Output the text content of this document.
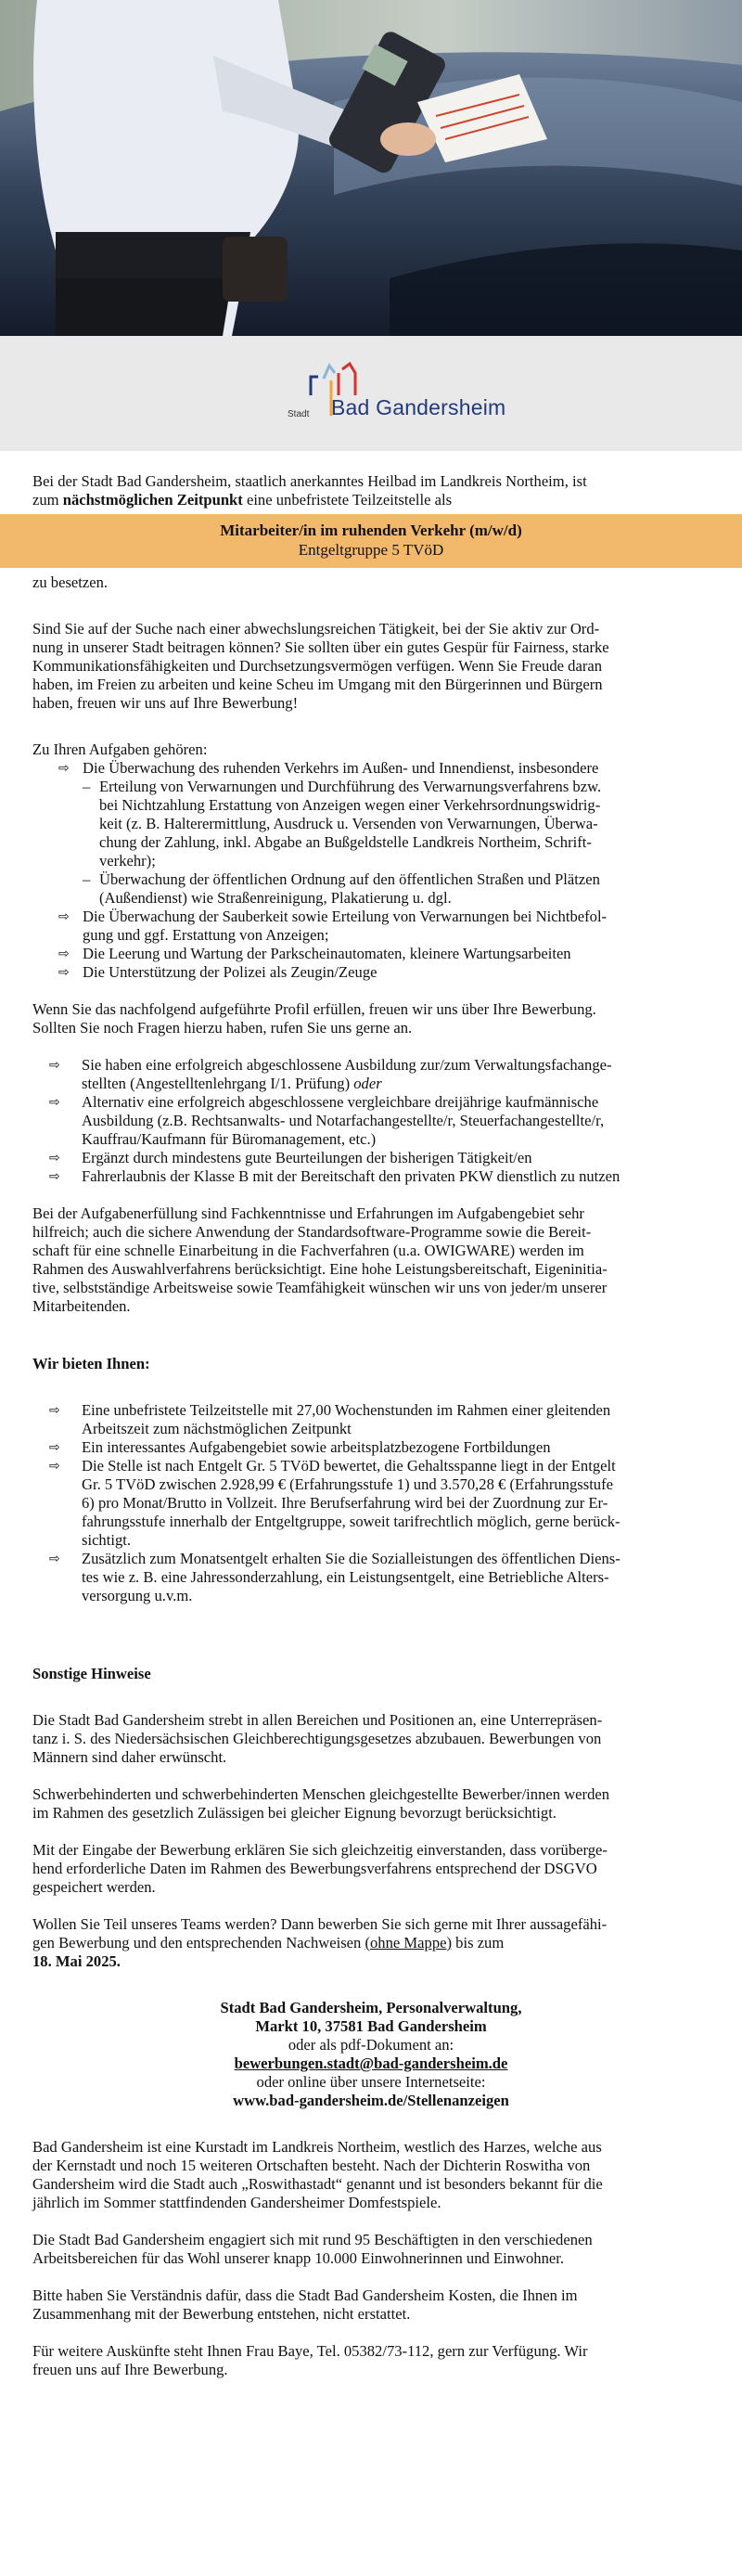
Stadt Bad Gandersheim

Bei der Stadt Bad Gandersheim, staatlich anerkanntes Heilbad im Landkreis Northeim, ist

zum nächstmöglichen Zeitpunkt eine unbefristete Teilzeitstelle als

Mitarbeiter/in im ruhenden Verkehr (m/w/d)
Entgeltgruppe 5 TVöD

zu besetzen.

Sind Sie auf der Suche nach einer abwechslungsreichen Tätigkeit, bei der Sie aktiv zur Ord-

nung in unserer Stadt beitragen können? Sie sollten über ein gutes Gespür für Fairness, starke

Kommunikationsfähigkeiten und Durchsetzungsvermögen verfügen. Wenn Sie Freude daran

haben, im Freien zu arbeiten und keine Scheu im Umgang mit den Bürgerinnen und Bürgern

haben, freuen wir uns auf Ihre Bewerbung!

Zu Ihren Aufgaben gehören:

⇨ Die Überwachung des ruhenden Verkehrs im Außen- und Innendienst, insbesondere

– Erteilung von Verwarnungen und Durchführung des Verwarnungsverfahrens bzw.

bei Nichtzahlung Erstattung von Anzeigen wegen einer Verkehrsordnungswidrig-

keit (z. B. Halterermittlung, Ausdruck u. Versenden von Verwarnungen, Überwa-

chung der Zahlung, inkl. Abgabe an Bußgeldstelle Landkreis Northeim, Schrift-

verkehr);

– Überwachung der öffentlichen Ordnung auf den öffentlichen Straßen und Plätzen

(Außendienst) wie Straßenreinigung, Plakatierung u. dgl.

⇨ Die Überwachung der Sauberkeit sowie Erteilung von Verwarnungen bei Nichtbefol-

gung und ggf. Erstattung von Anzeigen;

⇨ Die Leerung und Wartung der Parkscheinautomaten, kleinere Wartungsarbeiten

⇨ Die Unterstützung der Polizei als Zeugin/Zeuge

Wenn Sie das nachfolgend aufgeführte Profil erfüllen, freuen wir uns über Ihre Bewerbung.

Sollten Sie noch Fragen hierzu haben, rufen Sie uns gerne an.

⇨	Sie haben eine erfolgreich abgeschlossene Ausbildung zur/zum Verwaltungsfachange-

stellten (Angestelltenlehrgang I/1. Prüfung) oder

⇨	Alternativ eine erfolgreich abgeschlossene vergleichbare dreijährige kaufmännische

Ausbildung (z.B. Rechtsanwalts- und Notarfachangestellte/r, Steuerfachangestellte/r,

Kauffrau/Kaufmann für Büromanagement, etc.)

⇨	Ergänzt durch mindestens gute Beurteilungen der bisherigen Tätigkeit/en

⇨	Fahrerlaubnis der Klasse B mit der Bereitschaft den privaten PKW dienstlich zu nutzen

Bei der Aufgabenerfüllung sind Fachkenntnisse und Erfahrungen im Aufgabengebiet sehr

hilfreich; auch die sichere Anwendung der Standardsoftware-Programme sowie die Bereit-

schaft für eine schnelle Einarbeitung in die Fachverfahren (u.a. OWIGWARE) werden im

Rahmen des Auswahlverfahrens berücksichtigt. Eine hohe Leistungsbereitschaft, Eigeninitia-

tive, selbstständige Arbeitsweise sowie Teamfähigkeit wünschen wir uns von jeder/m unserer

Mitarbeitenden.

Wir bieten Ihnen:

⇨	Eine unbefristete Teilzeitstelle mit 27,00 Wochenstunden im Rahmen einer gleitenden

Arbeitszeit zum nächstmöglichen Zeitpunkt

⇨	Ein interessantes Aufgabengebiet sowie arbeitsplatzbezogene Fortbildungen

⇨	Die Stelle ist nach Entgelt Gr. 5 TVöD bewertet, die Gehaltsspanne liegt in der Entgelt

Gr. 5 TVöD zwischen 2.928,99 € (Erfahrungsstufe 1) und 3.570,28 € (Erfahrungsstufe

6) pro Monat/Brutto in Vollzeit. Ihre Berufserfahrung wird bei der Zuordnung zur Er-

fahrungsstufe innerhalb der Entgeltgruppe, soweit tarifrechtlich möglich, gerne berück-

sichtigt.

⇨	Zusätzlich zum Monatsentgelt erhalten Sie die Sozialleistungen des öffentlichen Diens-

tes wie z. B. eine Jahressonderzahlung, ein Leistungsentgelt, eine Betriebliche Alters-

versorgung u.v.m.

Sonstige Hinweise

Die Stadt Bad Gandersheim strebt in allen Bereichen und Positionen an, eine Unterrepräsen-

tanz i. S. des Niedersächsischen Gleichberechtigungsgesetzes abzubauen. Bewerbungen von

Männern sind daher erwünscht.

Schwerbehinderten und schwerbehinderten Menschen gleichgestellte Bewerber/innen werden

im Rahmen des gesetzlich Zulässigen bei gleicher Eignung bevorzugt berücksichtigt.

Mit der Eingabe der Bewerbung erklären Sie sich gleichzeitig einverstanden, dass vorübergе-

hend erforderliche Daten im Rahmen des Bewerbungsverfahrens entsprechend der DSGVO

gespeichert werden.

Wollen Sie Teil unseres Teams werden? Dann bewerben Sie sich gerne mit Ihrer aussagefähi-

gen Bewerbung und den entsprechenden Nachweisen (ohne Mappe) bis zum

18. Mai 2025.

Stadt Bad Gandersheim, Personalverwaltung,

Markt 10, 37581 Bad Gandersheim

oder als pdf-Dokument an:

bewerbungen.stadt@bad-gandersheim.de

oder online über unsere Internetseite:

www.bad-gandersheim.de/Stellenanzeigen

Bad Gandersheim ist eine Kurstadt im Landkreis Northeim, westlich des Harzes, welche aus

der Kernstadt und noch 15 weiteren Ortschaften besteht. Nach der Dichterin Roswitha von

Gandersheim wird die Stadt auch „Roswithastadt“ genannt und ist besonders bekannt für die

jährlich im Sommer stattfindenden Gandersheimer Domfestspiele.

Die Stadt Bad Gandersheim engagiert sich mit rund 95 Beschäftigten in den verschiedenen

Arbeitsbereichen für das Wohl unserer knapp 10.000 Einwohnerinnen und Einwohner.

Bitte haben Sie Verständnis dafür, dass die Stadt Bad Gandersheim Kosten, die Ihnen im

Zusammenhang mit der Bewerbung entstehen, nicht erstattet.

Für weitere Auskünfte steht Ihnen Frau Baye, Tel. 05382/73-112, gern zur Verfügung. Wir

freuen uns auf Ihre Bewerbung.
